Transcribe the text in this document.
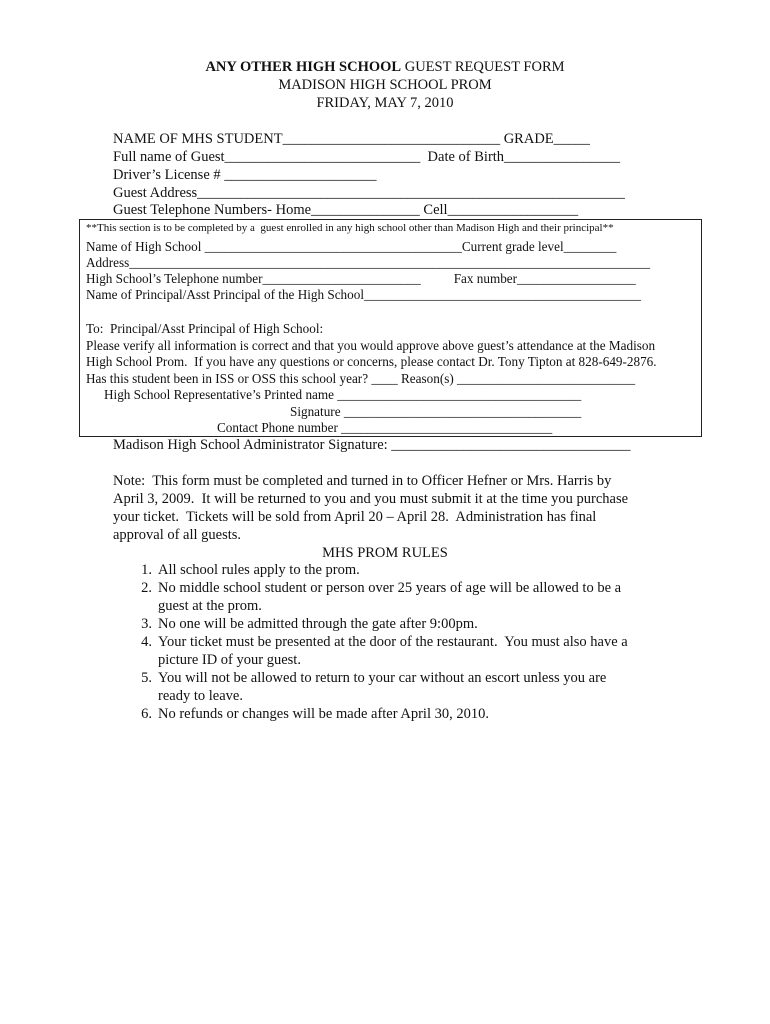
ANY OTHER HIGH SCHOOL GUEST REQUEST FORM
MADISON HIGH SCHOOL PROM
FRIDAY, MAY 7, 2010
NAME OF MHS STUDENT______________________________ GRADE_____
Full name of Guest___________________________  Date of Birth________________
Driver’s License # _____________________
Guest Address___________________________________________________________
Guest Telephone Numbers- Home_______________ Cell__________________
**This section is to be completed by a  guest enrolled in any high school other than Madison High and their principal**
Name of High School _______________________________________Current grade level________
Address_______________________________________________________________________________
High School’s Telephone number________________________          Fax number__________________
Name of Principal/Asst Principal of the High School__________________________________________
To:  Principal/Asst Principal of High School:
Please verify all information is correct and that you would approve above guest’s attendance at the Madison
High School Prom.  If you have any questions or concerns, please contact Dr. Tony Tipton at 828-649-2876.
Has this student been in ISS or OSS this school year? ____ Reason(s) ___________________________
High School Representative’s Printed name _____________________________________
Signature ____________________________________
Contact Phone number ________________________________
Madison High School Administrator Signature: _________________________________
Note:  This form must be completed and turned in to Officer Hefner or Mrs. Harris by
April 3, 2009.  It will be returned to you and you must submit it at the time you purchase
your ticket.  Tickets will be sold from April 20 – April 28.  Administration has final
approval of all guests.
MHS PROM RULES
1. All school rules apply to the prom.
2. No middle school student or person over 25 years of age will be allowed to be a
guest at the prom.
3. No one will be admitted through the gate after 9:00pm.
4. Your ticket must be presented at the door of the restaurant.  You must also have a
picture ID of your guest.
5. You will not be allowed to return to your car without an escort unless you are
ready to leave.
6. No refunds or changes will be made after April 30, 2010.
